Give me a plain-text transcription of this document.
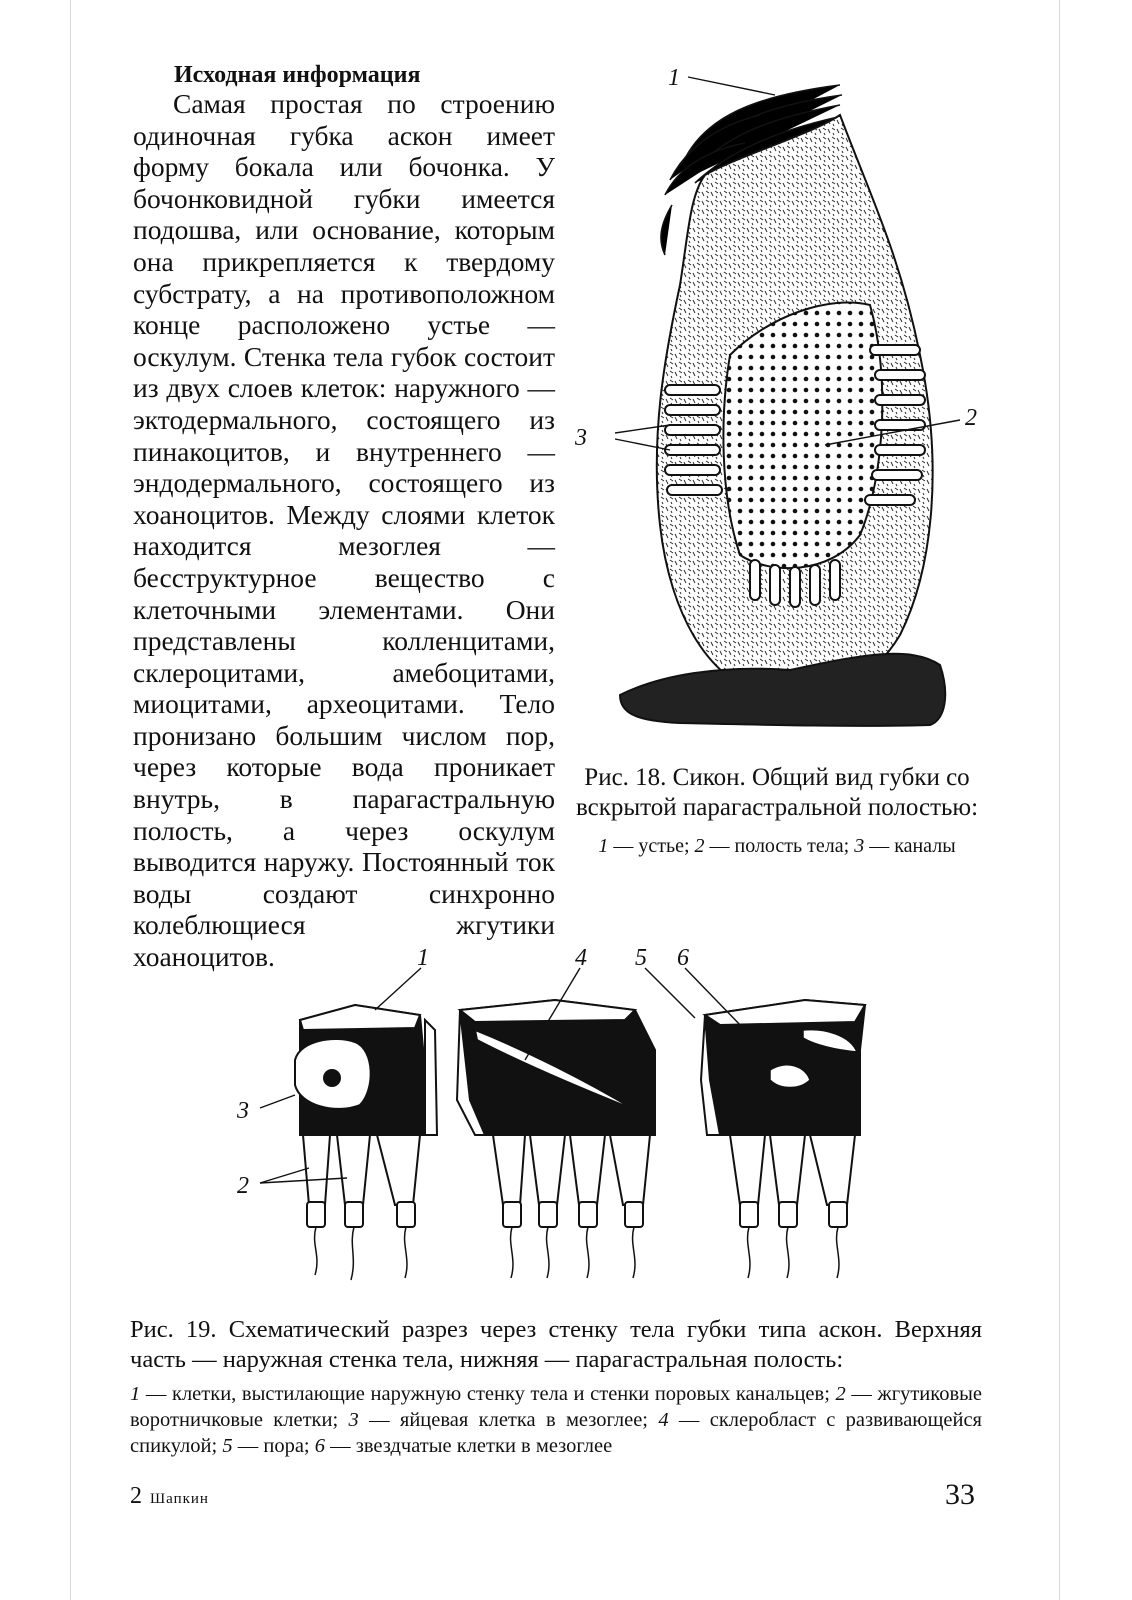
Исходная информация

Самая простая по строению одиночная губка аскон имеет форму бокала или бочонка. У бочонковидной губки имеется подошва, или основание, которым она прикрепляется к твердому субстрату, а на противоположном конце расположено устье — оскулум. Стенка тела губок состоит из двух слоев клеток: наружного — эктодермального, состоящего из пинакоцитов, и внутреннего — эндодермального, состоящего из хоаноцитов. Между слоями клеток находится мезоглея — бесструктурное вещество с клеточными элементами. Они представлены колленцитами, склероцитами, амебоцитами, миоцитами, археоцитами. Тело пронизано большим числом пор, через которые вода проникает внутрь, в парагастральную полость, а через оскулум выводится наружу. Постоянный ток воды создают синхронно колеблющиеся жгутики хоаноцитов.

1
2
3
Рис. 18. Сикон. Общий вид губки со вскрытой парагастральной полостью:
1 — устье; 2 — полость тела; 3 — каналы
1
2
3
4 5 6
Рис. 19. Схематический разрез через стенку тела губки типа аскон. Верхняя часть — наружная стенка тела, нижняя — парагастральная полость:
1 — клетки, выстилающие наружную стенку тела и стенки поровых канальцев; 2 — жгутиковые воротничковые клетки; 3 — яйцевая клетка в мезоглее; 4 — склеробласт с развивающейся спикулой; 5 — пора; 6 — звездчатые клетки в мезоглее
2 Шапкин	33
